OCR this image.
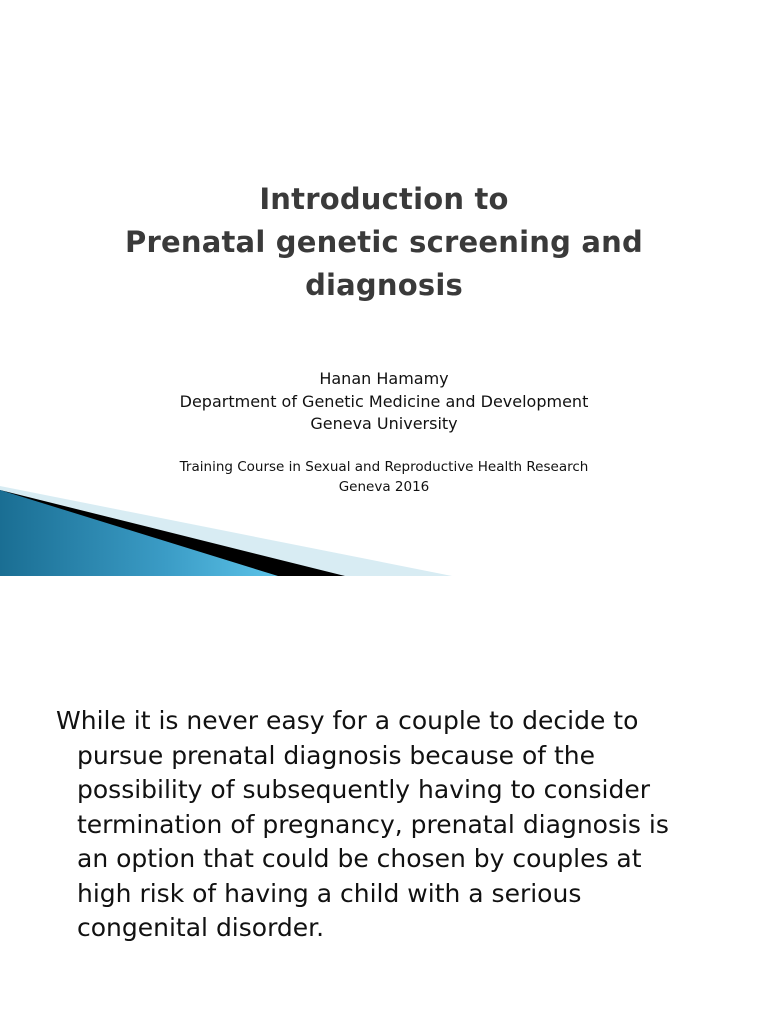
Introduction to
Prenatal genetic screening and
diagnosis
Hanan Hamamy
Department of Genetic Medicine and Development
Geneva University
Training Course in Sexual and Reproductive Health Research
Geneva 2016
While it is never easy for a couple to decide to
pursue prenatal diagnosis because of the
possibility of subsequently having to consider
termination of pregnancy, prenatal diagnosis is
an option that could be chosen by couples at
high risk of having a child with a serious
congenital disorder.
